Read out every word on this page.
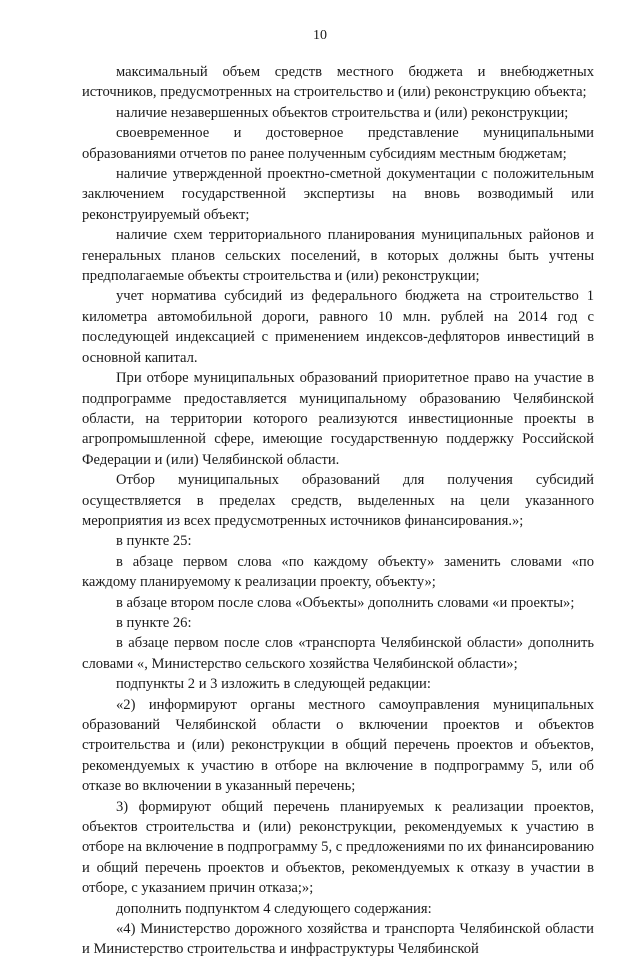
10

максимальный объем средств местного бюджета и внебюджетных источников, предусмотренных на строительство и (или) реконструкцию объекта;

наличие незавершенных объектов строительства и (или) реконструкции;

своевременное и достоверное представление муниципальными образованиями отчетов по ранее полученным субсидиям местным бюджетам;

наличие утвержденной проектно-сметной документации с положительным заключением государственной экспертизы на вновь возводимый или реконструируемый объект;

наличие схем территориального планирования муниципальных районов и генеральных планов сельских поселений, в которых должны быть учтены предполагаемые объекты строительства и (или) реконструкции;

учет норматива субсидий из федерального бюджета на строительство 1 километра автомобильной дороги, равного 10 млн. рублей на 2014 год с последующей индексацией с применением индексов-дефляторов инвестиций в основной капитал.

При отборе муниципальных образований приоритетное право на участие в подпрограмме предоставляется муниципальному образованию Челябинской области, на территории которого реализуются инвестиционные проекты в агропромышленной сфере, имеющие государственную поддержку Российской Федерации и (или) Челябинской области.

Отбор муниципальных образований для получения субсидий осуществляется в пределах средств, выделенных на цели указанного мероприятия из всех предусмотренных источников финансирования.»;

в пункте 25:

в абзаце первом слова «по каждому объекту» заменить словами «по каждому планируемому к реализации проекту, объекту»;

в абзаце втором после слова «Объекты» дополнить словами «и проекты»;

в пункте 26:

в абзаце первом после слов «транспорта Челябинской области» дополнить словами «, Министерство сельского хозяйства Челябинской области»;

подпункты 2 и 3 изложить в следующей редакции:

«2) информируют органы местного самоуправления муниципальных образований Челябинской области о включении проектов и объектов строительства и (или) реконструкции в общий перечень проектов и объектов, рекомендуемых к участию в отборе на включение в подпрограмму 5, или об отказе во включении в указанный перечень;

3) формируют общий перечень планируемых к реализации проектов, объектов строительства и (или) реконструкции, рекомендуемых к участию в отборе на включение в подпрограмму 5, с предложениями по их финансированию и общий перечень проектов и объектов, рекомендуемых к отказу в участии в отборе, с указанием причин отказа;»;

дополнить подпунктом 4 следующего содержания:

«4) Министерство дорожного хозяйства и транспорта Челябинской области и Министерство строительства и инфраструктуры Челябинской
